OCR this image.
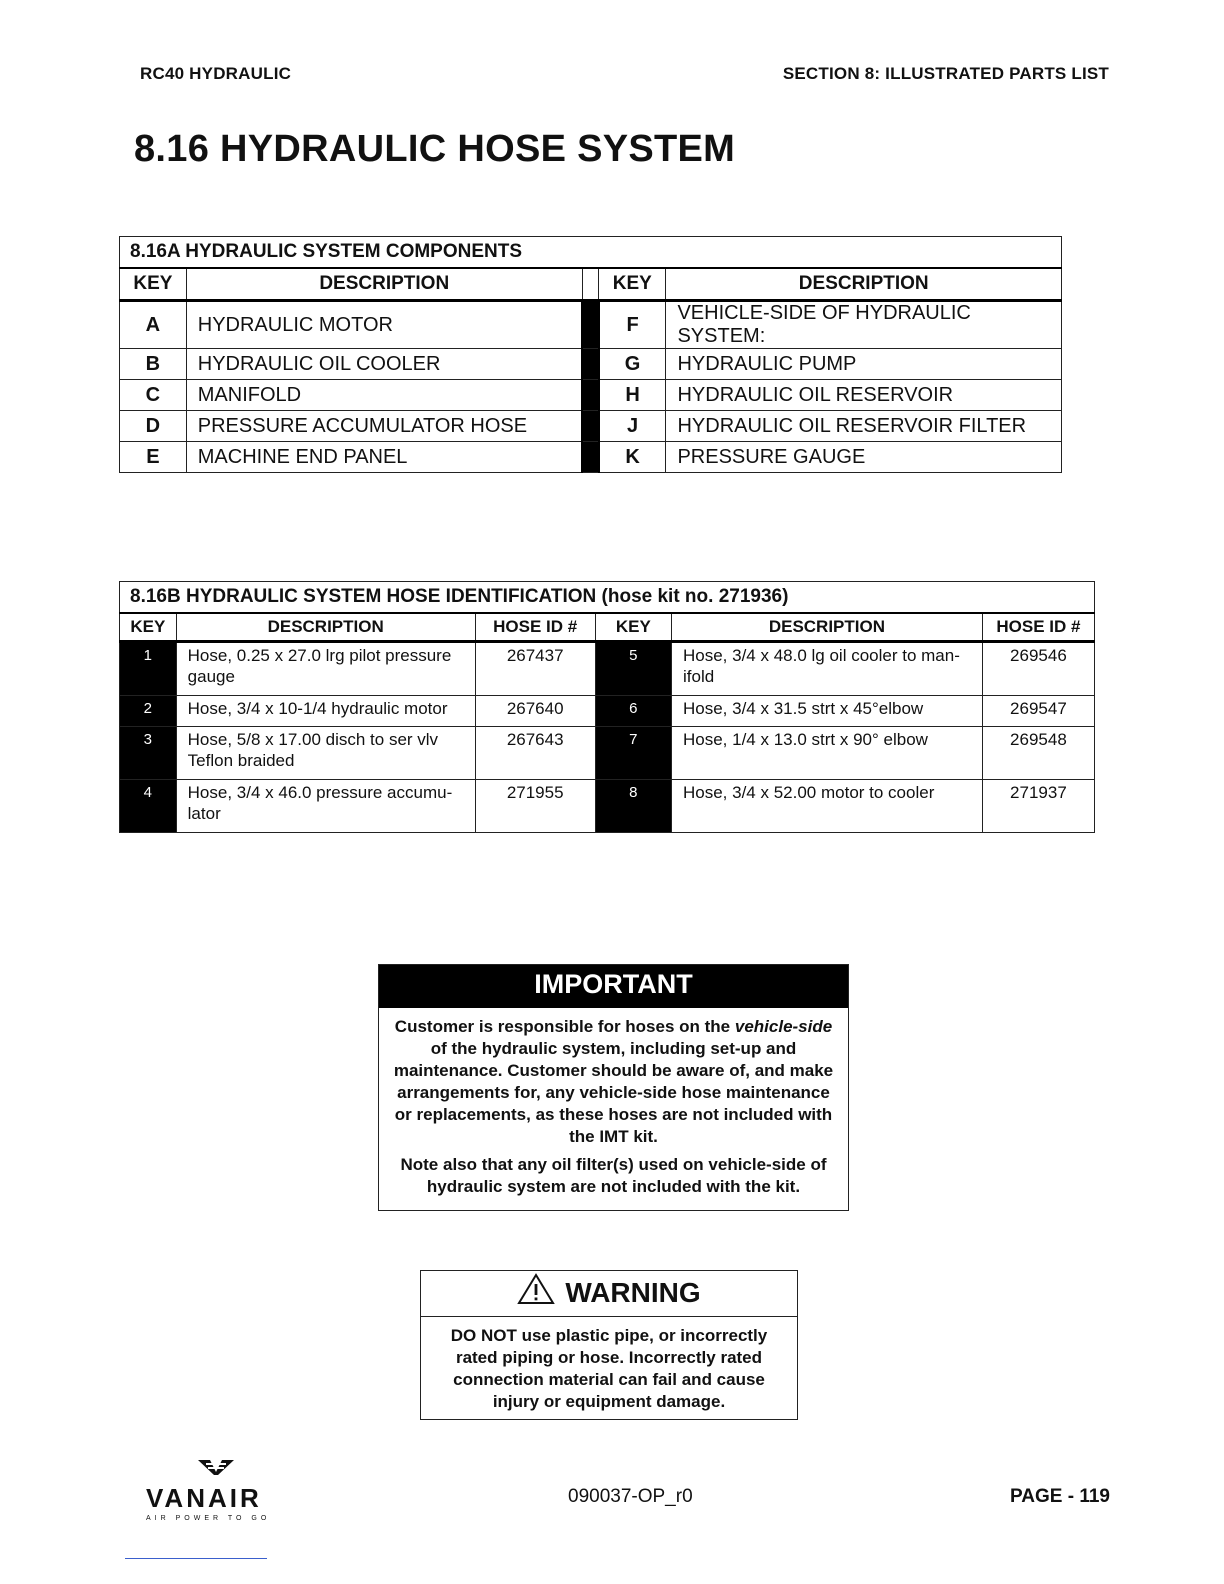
RC40 HYDRAULIC	SECTION 8: ILLUSTRATED PARTS LIST
8.16 HYDRAULIC HOSE SYSTEM
8.16A HYDRAULIC SYSTEM COMPONENTS				
KEY	DESCRIPTION		KEY	DESCRIPTION
A	HYDRAULIC MOTOR		F	VEHICLE-SIDE OF HYDRAULIC SYSTEM:
B	HYDRAULIC OIL COOLER		G	HYDRAULIC PUMP
C	MANIFOLD		H	HYDRAULIC OIL RESERVOIR
D	PRESSURE ACCUMULATOR HOSE		J	HYDRAULIC OIL RESERVOIR FILTER
E	MACHINE END PANEL		K	PRESSURE GAUGE
8.16B HYDRAULIC SYSTEM HOSE IDENTIFICATION (hose kit no. 271936)					
KEY	DESCRIPTION	HOSE ID #	KEY	DESCRIPTION	HOSE ID #
1	Hose, 0.25 x 27.0 lrg pilot pressure gauge	267437	5	Hose, 3/4 x 48.0 lg oil cooler to man-ifold	269546
2	Hose, 3/4 x 10-1/4 hydraulic motor	267640	6	Hose, 3/4 x 31.5 strt x 45°elbow	269547
3	Hose, 5/8 x 17.00 disch to ser vlv Teflon braided	267643	7	Hose, 1/4 x 13.0 strt x 90° elbow	269548
4	Hose, 3/4 x 46.0 pressure accumu-lator	271955	8	Hose, 3/4 x 52.00 motor to cooler	271937
IMPORTANT

Customer is responsible for hoses on the vehicle-side of the hydraulic system, including set-up and maintenance. Customer should be aware of, and make arrangements for, any vehicle-side hose maintenance or replacements, as these hoses are not included with the IMT kit.

Note also that any oil filter(s) used on vehicle-side of hydraulic system are not included with the kit.

WARNING
DO NOT use plastic pipe, or incorrectly rated piping or hose. Incorrectly rated connection material can fail and cause injury or equipment damage.
VANAIR
AIR POWER TO GO
090037-OP_r0	PAGE - 119
